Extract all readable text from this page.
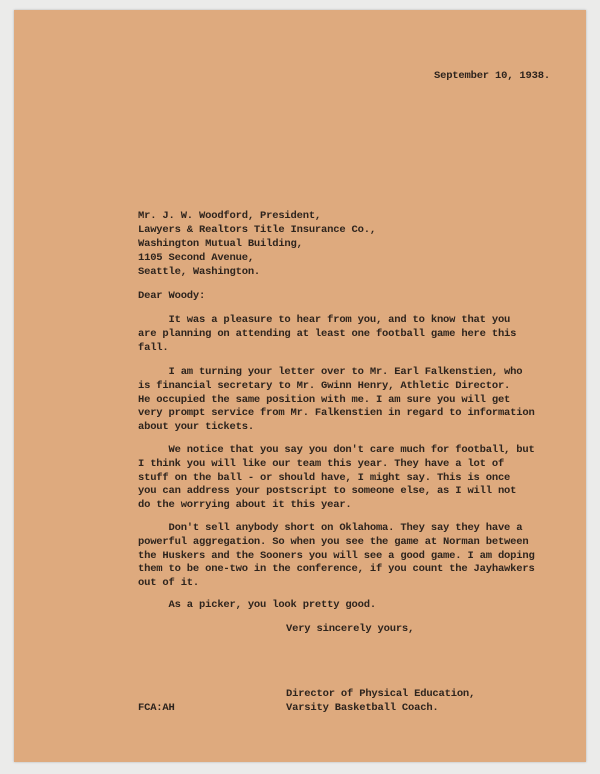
September 10, 1938.
Mr. J. W. Woodford, President,
Lawyers & Realtors Title Insurance Co.,
Washington Mutual Building,
1105 Second Avenue,
Seattle, Washington.
Dear Woody:
It was a pleasure to hear from you, and to know that you
are planning on attending at least one football game here this
fall.
I am turning your letter over to Mr. Earl Falkenstien, who
is financial secretary to Mr. Gwinn Henry, Athletic Director.
He occupied the same position with me. I am sure you will get
very prompt service from Mr. Falkenstien in regard to information
about your tickets.
We notice that you say you don't care much for football, but
I think you will like our team this year. They have a lot of
stuff on the ball - or should have, I might say. This is once
you can address your postscript to someone else, as I will not
do the worrying about it this year.
Don't sell anybody short on Oklahoma. They say they have a
powerful aggregation. So when you see the game at Norman between
the Huskers and the Sooners you will see a good game. I am doping
them to be one-two in the conference, if you count the Jayhawkers
out of it.
As a picker, you look pretty good.
Very sincerely yours,
Director of Physical Education,
Varsity Basketball Coach.
FCA:AH
